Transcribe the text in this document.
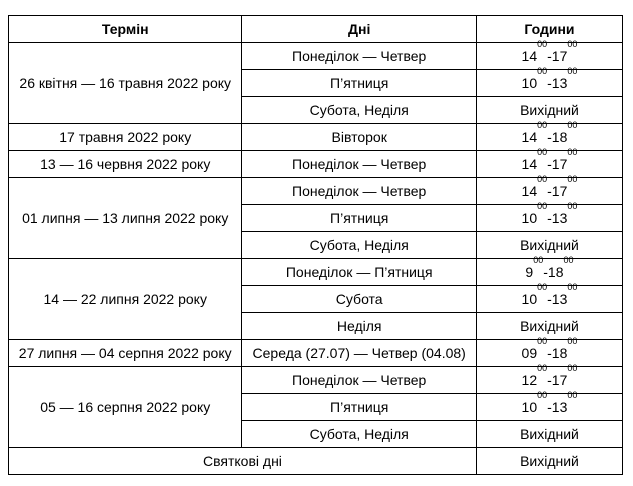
Термін	Дні	Години
26 квітня — 16 травня 2022 року	Понеділок — Четвер	$14^{00}-17^{00}$
	П’ятниця	$10^{00}-13^{00}$
	Субота, Неділя	Вихідний
17 травня 2022 року	Вівторок	$14^{00}-18^{00}$
13 — 16 червня 2022 року	Понеділок — Четвер	$14^{00}-17^{00}$
01 липня — 13 липня 2022 року	Понеділок — Четвер	$14^{00}-17^{00}$
	П’ятниця	$10^{00}-13^{00}$
	Субота, Неділя	Вихідний
14 — 22 липня 2022 року	Понеділок — П’ятниця	$9^{00}-18^{00}$
	Субота	$10^{00}-13^{00}$
	Неділя	Вихідний
27 липня — 04 серпня 2022 року	Середа (27.07) — Четвер (04.08)	$09^{00}-18^{00}$
05 — 16 серпня 2022 року	Понеділок — Четвер	$12^{00}-17^{00}$
	П’ятниця	$10^{00}-13^{00}$
	Субота, Неділя	Вихідний
Святкові дні		Вихідний
